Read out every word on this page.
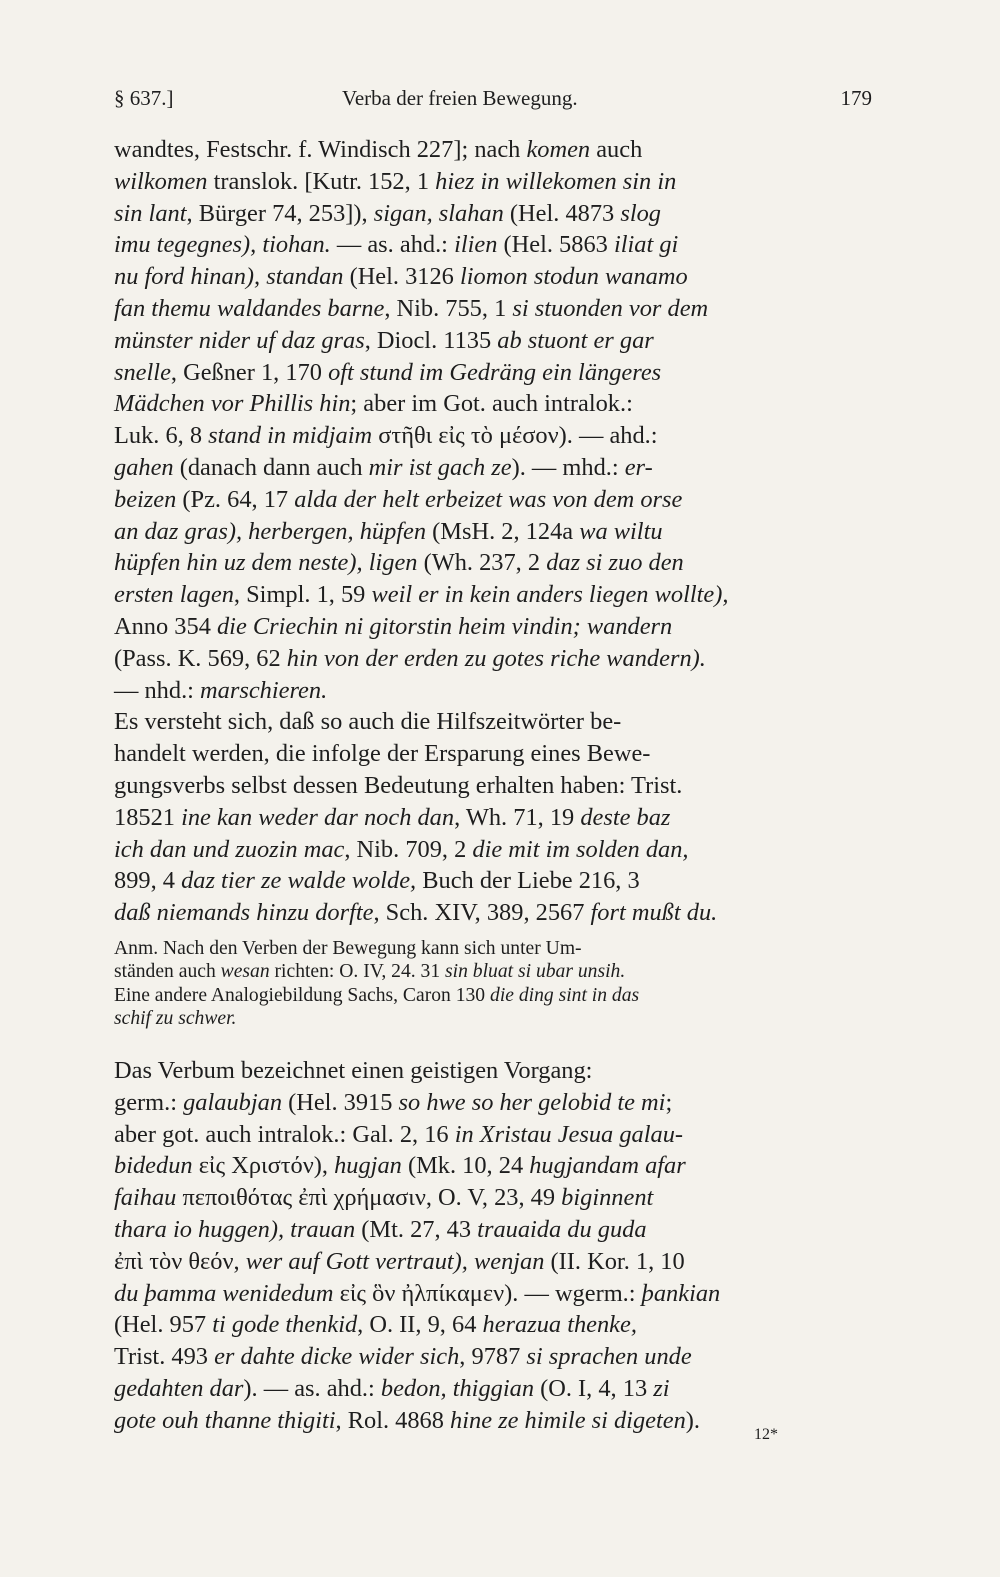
§ 637.]	Verba der freien Bewegung.	179

wandtes, Festschr. f. Windisch 227]; nach komen auch

wilkomen translok. [Kutr. 152, 1 hiez in willekomen sin in

sin lant, Bürger 74, 253]), sigan, slahan (Hel. 4873 slog

imu tegegnes), tiohan. — as. ahd.: ilien (Hel. 5863 iliat gi

nu ford hinan), standan (Hel. 3126 liomon stodun wanamo

fan themu waldandes barne, Nib. 755, 1 si stuonden vor dem

münster nider uf daz gras, Diocl. 1135 ab stuont er gar

snelle, Geßner 1, 170 oft stund im Gedräng ein längeres

Mädchen vor Phillis hin; aber im Got. auch intralok.:

Luk. 6, 8 stand in midjaim στῆθι εἰς τὸ μέσον). — ahd.:

gahen (danach dann auch mir ist gach ze). — mhd.: er-

beizen (Pz. 64, 17 alda der helt erbeizet was von dem orse

an daz gras), herbergen, hüpfen (MsH. 2, 124a wa wiltu

hüpfen hin uz dem neste), ligen (Wh. 237, 2 daz si zuo den

ersten lagen, Simpl. 1, 59 weil er in kein anders liegen wollte),

Anno 354 die Criechin ni gitorstin heim vindin; wandern

(Pass. K. 569, 62 hin von der erden zu gotes riche wandern).

— nhd.: marschieren.

Es versteht sich, daß so auch die Hilfszeitwörter be-

handelt werden, die infolge der Ersparung eines Bewe-

gungsverbs selbst dessen Bedeutung erhalten haben: Trist.

18521 ine kan weder dar noch dan, Wh. 71, 19 deste baz

ich dan und zuozin mac, Nib. 709, 2 die mit im solden dan,

899, 4 daz tier ze walde wolde, Buch der Liebe 216, 3

daß niemands hinzu dorfte, Sch. XIV, 389, 2567 fort mußt du.

Anm. Nach den Verben der Bewegung kann sich unter Um-

ständen auch wesan richten: O. IV, 24. 31 sin bluat si ubar unsih.

Eine andere Analogiebildung Sachs, Caron 130 die ding sint in das

schif zu schwer.

Das Verbum bezeichnet einen geistigen Vorgang:

germ.: galaubjan (Hel. 3915 so hwe so her gelobid te mi;

aber got. auch intralok.: Gal. 2, 16 in Xristau Jesua galau-

bidedun εἰς Χριστόν), hugjan (Mk. 10, 24 hugjandam afar

faihau πεποιθότας ἐπὶ χρήμασιν, O. V, 23, 49 biginnent

thara io huggen), trauan (Mt. 27, 43 trauaida du guda

ἐπὶ τὸν θεόν, wer auf Gott vertraut), wenjan (II. Kor. 1, 10

du þamma wenidedum εἰς ὃν ἠλπίκαμεν). — wgerm.: þankian

(Hel. 957 ti gode thenkid, O. II, 9, 64 herazua thenke,

Trist. 493 er dahte dicke wider sich, 9787 si sprachen unde

gedahten dar). — as. ahd.: bedon, thiggian (O. I, 4, 13 zi

gote ouh thanne thigiti, Rol. 4868 hine ze himile si digeten).

12*
